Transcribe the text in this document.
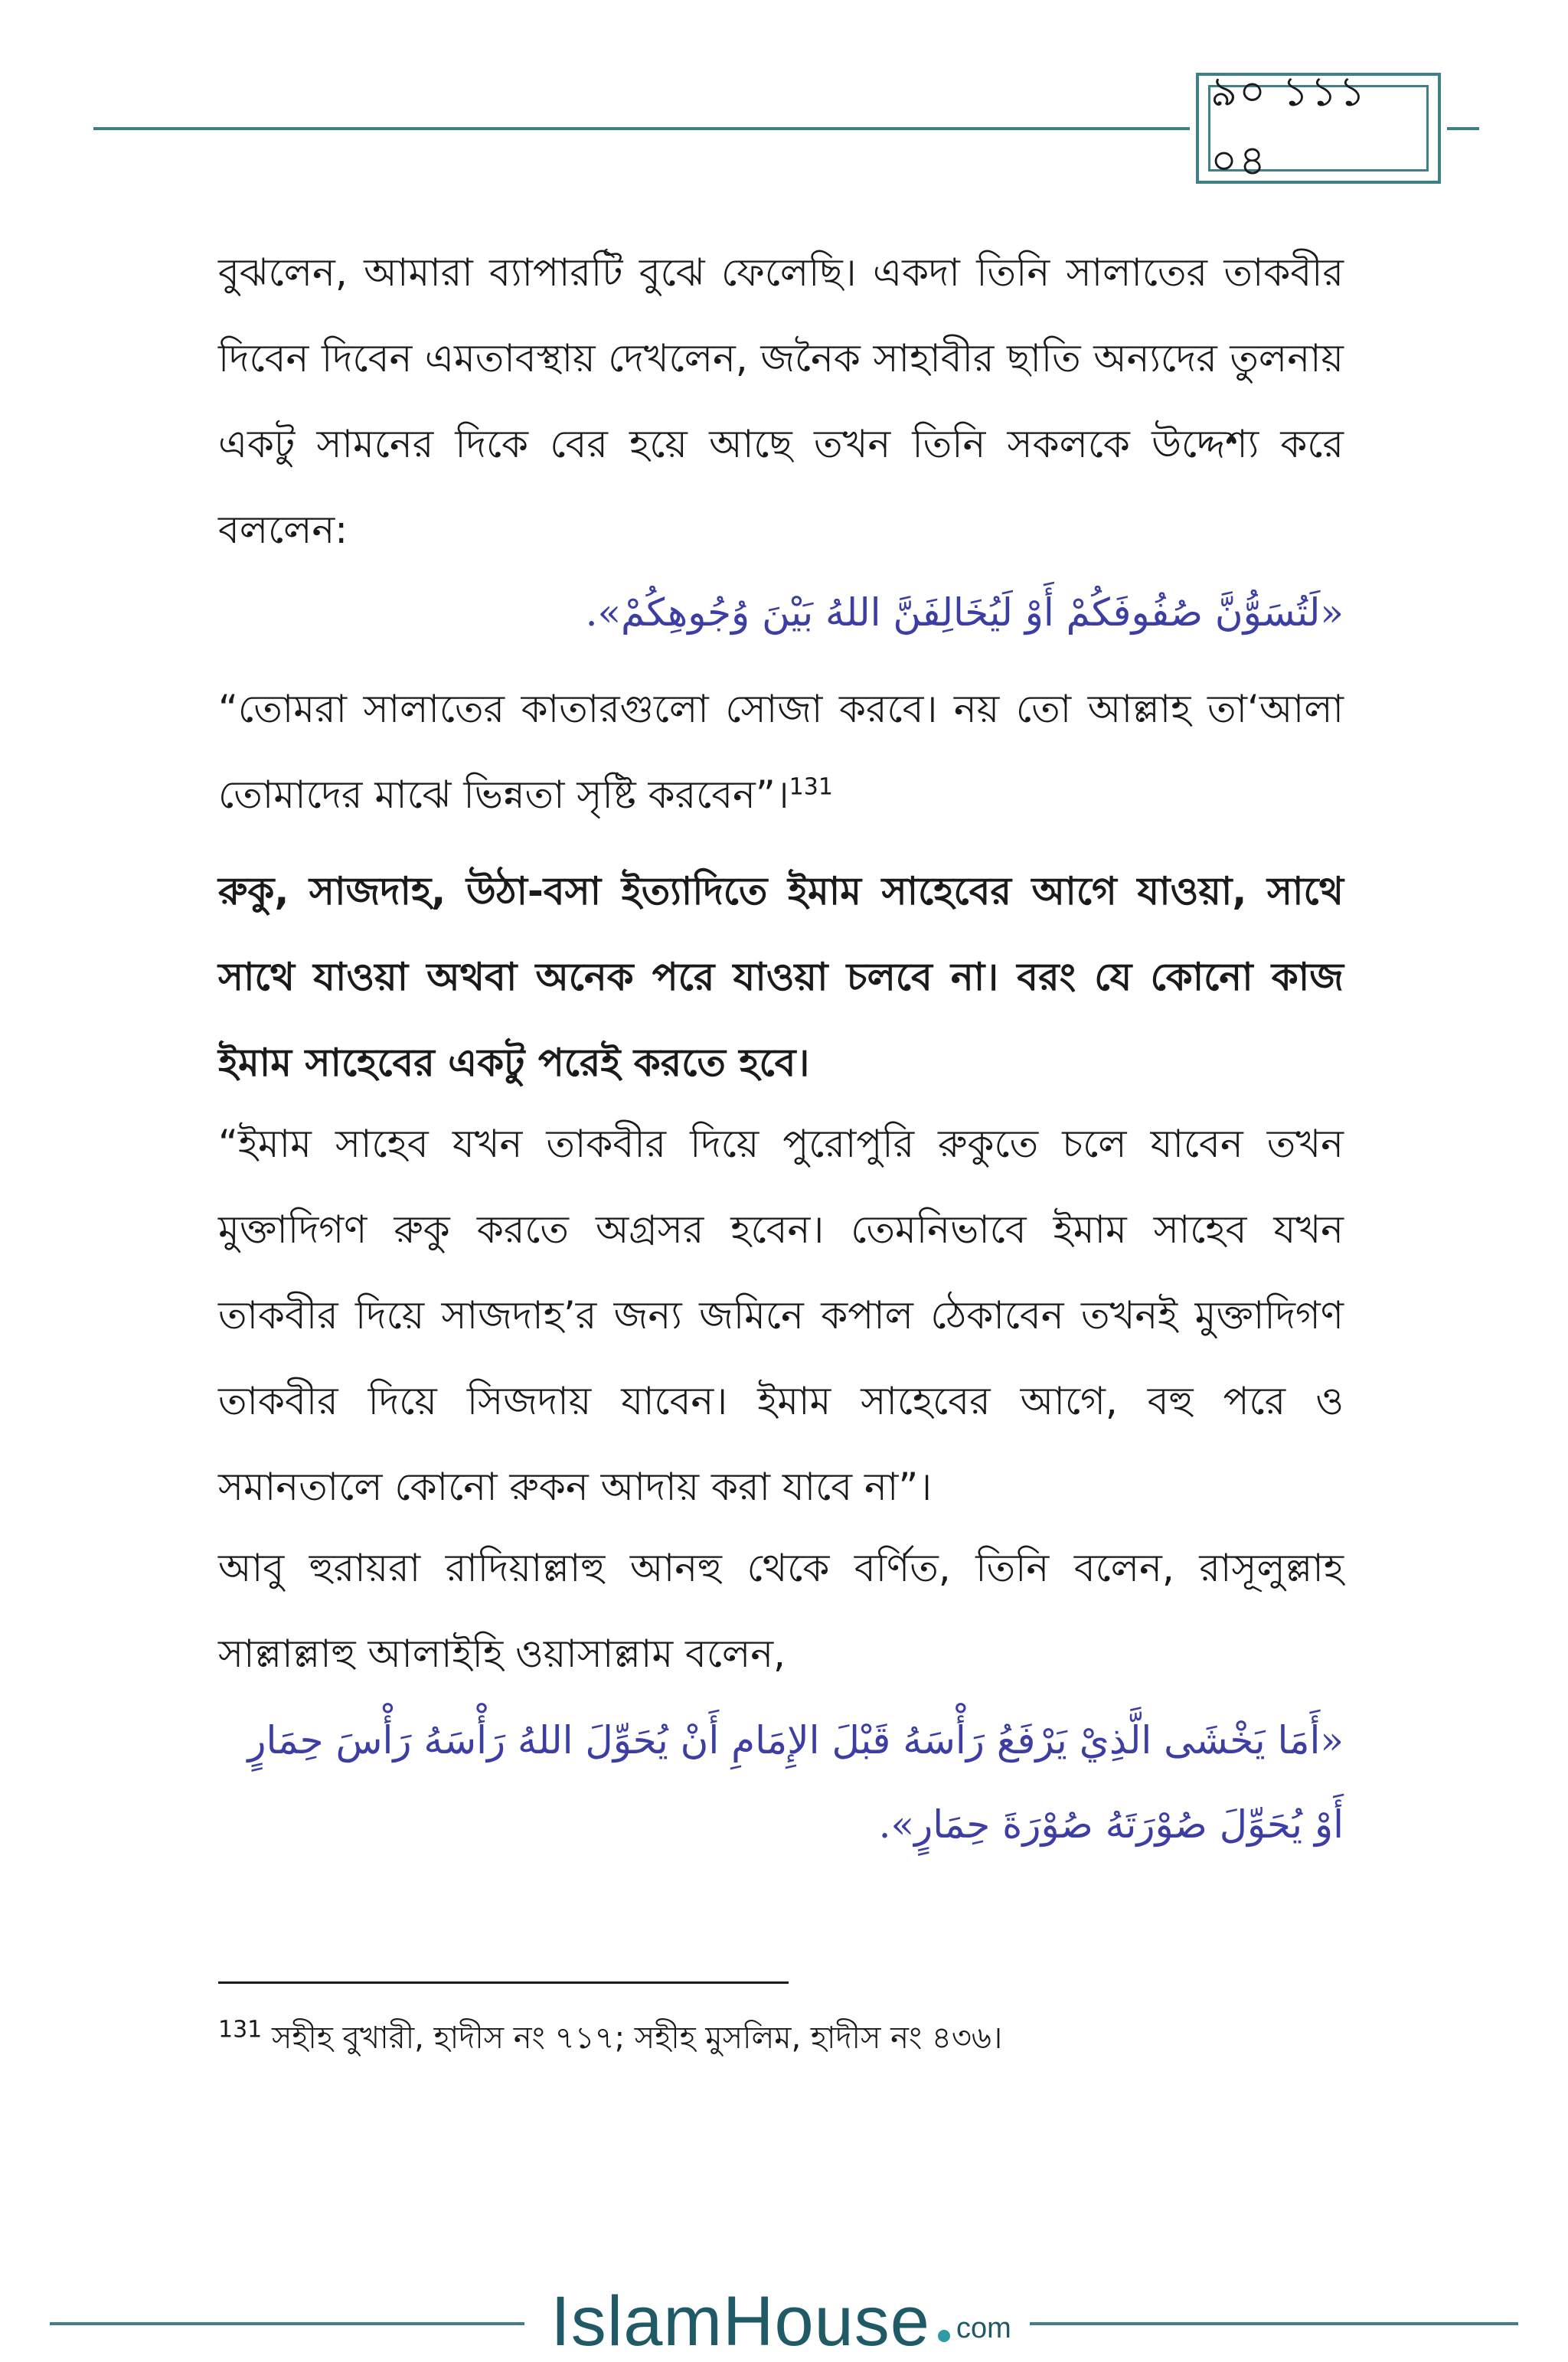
৯০ ১১১ ০৪

বুঝলেন, আমারা ব্যাপারটি বুঝে ফেলেছি। একদা তিনি সালাতের তাকবীর দিবেন দিবেন এমতাবস্থায় দেখলেন, জনৈক সাহাবীর ছাতি অন্যদের তুলনায় একটু সামনের দিকে বের হয়ে আছে তখন তিনি সকলকে উদ্দেশ্য করে বললেন:

«لَتُسَوُّنَّ صُفُوفَكُمْ أَوْ لَيُخَالِفَنَّ اللهُ بَيْنَ وُجُوهِكُمْ».

“তোমরা সালাতের কাতারগুলো সোজা করবে। নয় তো আল্লাহ তা‘আলা তোমাদের মাঝে ভিন্নতা সৃষ্টি করবেন”।$^{131}$

রুকু, সাজদাহ, উঠা-বসা ইত্যাদিতে ইমাম সাহেবের আগে যাওয়া, সাথে সাথে যাওয়া অথবা অনেক পরে যাওয়া চলবে না। বরং যে কোনো কাজ ইমাম সাহেবের একটু পরেই করতে হবে।

“ইমাম সাহেব যখন তাকবীর দিয়ে পুরোপুরি রুকুতে চলে যাবেন তখন মুক্তাদিগণ রুকু করতে অগ্রসর হবেন। তেমনিভাবে ইমাম সাহেব যখন তাকবীর দিয়ে সাজদাহ’র জন্য জমিনে কপাল ঠেকাবেন তখনই মুক্তাদিগণ তাকবীর দিয়ে সিজদায় যাবেন। ইমাম সাহেবের আগে, বহু পরে ও সমানতালে কোনো রুকন আদায় করা যাবে না”।

আবু হুরায়রা রাদিয়াল্লাহু আনহু থেকে বর্ণিত, তিনি বলেন, রাসূলুল্লাহ সাল্লাল্লাহু আলাইহি ওয়াসাল্লাম বলেন,

«أَمَا يَخْشَى الَّذِيْ يَرْفَعُ رَأْسَهُ قَبْلَ الإِمَامِ أَنْ يُحَوِّلَ اللهُ رَأْسَهُ رَأْسَ حِمَارٍ أَوْ يُحَوِّلَ صُوْرَتَهُ صُوْرَةَ حِمَارٍ».

$^{131}$ সহীহ বুখারী, হাদীস নং ৭১৭; সহীহ মুসলিম, হাদীস নং ৪৩৬।
IslamHouse com
